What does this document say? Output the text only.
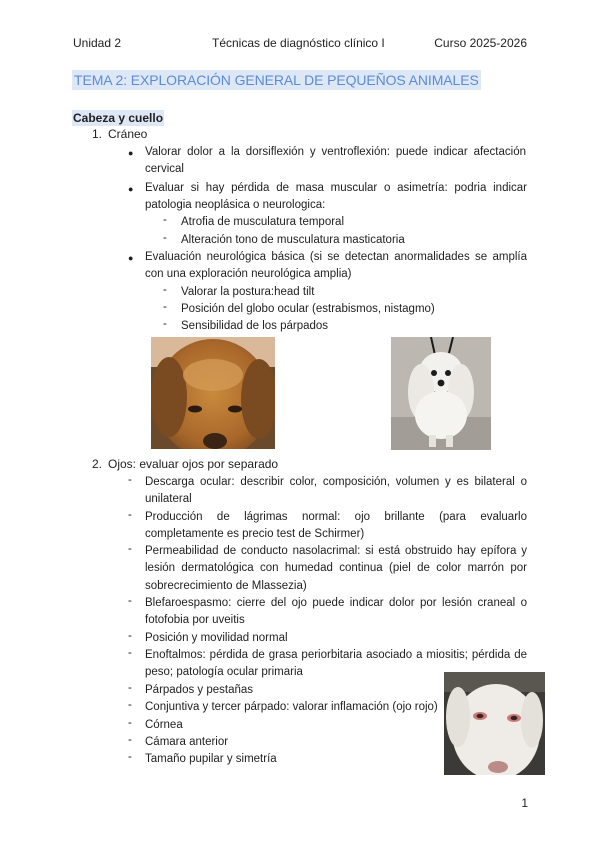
Unidad 2	Técnicas de diagnóstico clínico I	Curso 2025-2026
TEMA 2: EXPLORACIÓN GENERAL DE PEQUEÑOS ANIMALES
Cabeza y cuello
1. Cráneo
● Valorar dolor a la dorsiflexión y ventroflexión: puede indicar afectación cervical
● Evaluar si hay pérdida de masa muscular o asimetría: podria indicar patologia neoplásica o neurologica:
- Atrofia de musculatura temporal
- Alteración tono de musculatura masticatoria
● Evaluación neurológica básica (si se detectan anormalidades se amplía con una exploración neurológica amplia)
- Valorar la postura:head tilt
- Posición del globo ocular (estrabismos, nistagmo)
- Sensibilidad de los párpados
2. Ojos: evaluar ojos por separado
- Descarga ocular: describir color, composición, volumen y es bilateral o unilateral
- Producción de lágrimas normal: ojo brillante (para evaluarlo completamente es precio test de Schirmer)
- Permeabilidad de conducto nasolacrimal: si está obstruido hay epífora y lesión dermatológica con humedad continua (piel de color marrón por sobrecrecimiento de Mlassezia)
- Blefaroespasmo: cierre del ojo puede indicar dolor por lesión craneal o fotofobia por uveitis
- Posición y movilidad normal
- Enoftalmos: pérdida de grasa periorbitaria asociado a miositis; pérdida de peso; patología ocular primaria
- Párpados y pestañas
- Conjuntiva y tercer párpado: valorar inflamación (ojo rojo)
- Córnea
- Cámara anterior
- Tamaño pupilar y simetría
1
